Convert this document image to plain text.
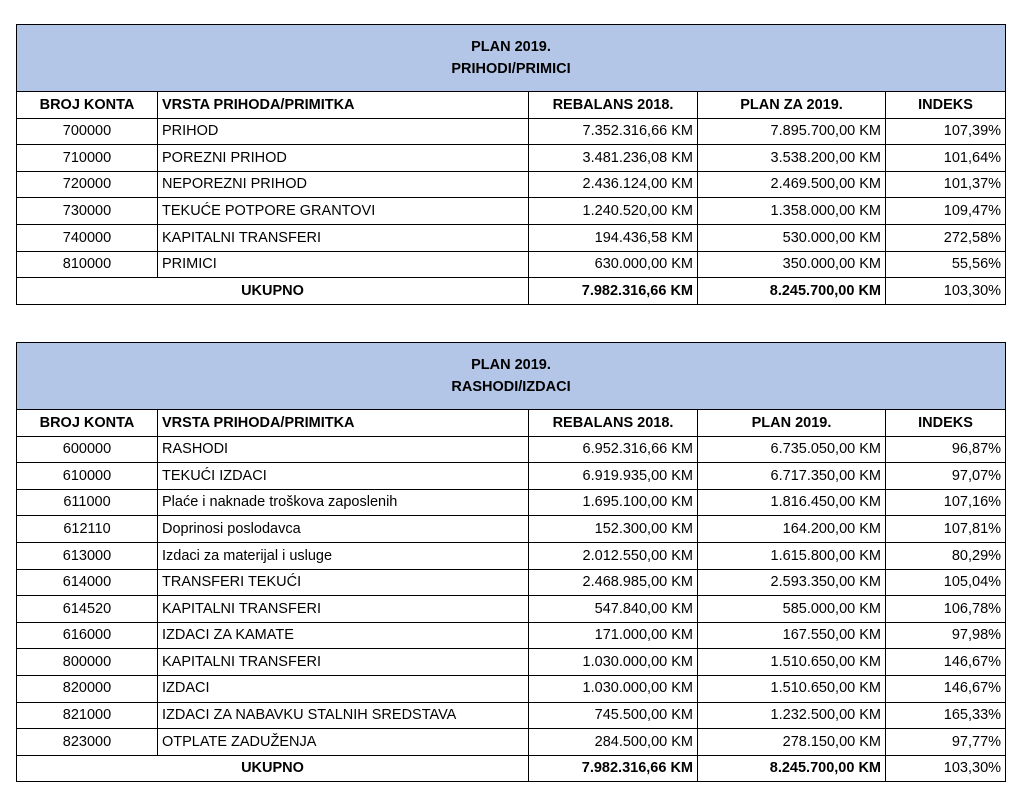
PLAN 2019.
PRIHODI/PRIMICI				

BROJ KONTA	VRSTA PRIHODA/PRIMITKA	REBALANS 2018.	PLAN ZA 2019.	INDEKS
700000	PRIHOD	7.352.316,66 KM	7.895.700,00 KM	107,39%
710000	POREZNI PRIHOD	3.481.236,08 KM	3.538.200,00 KM	101,64%
720000	NEPOREZNI PRIHOD	2.436.124,00 KM	2.469.500,00 KM	101,37%
730000	TEKUĆE POTPORE GRANTOVI	1.240.520,00 KM	1.358.000,00 KM	109,47%
740000	KAPITALNI TRANSFERI	194.436,58 KM	530.000,00 KM	272,58%
810000	PRIMICI	630.000,00 KM	350.000,00 KM	55,56%
UKUPNO		7.982.316,66 KM	8.245.700,00 KM	103,30%
PLAN 2019.
RASHODI/IZDACI				

BROJ KONTA	VRSTA PRIHODA/PRIMITKA	REBALANS 2018.	PLAN 2019.	INDEKS
600000	RASHODI	6.952.316,66 KM	6.735.050,00 KM	96,87%
610000	TEKUĆI IZDACI	6.919.935,00 KM	6.717.350,00 KM	97,07%
611000	Plaće i naknade troškova zaposlenih	1.695.100,00 KM	1.816.450,00 KM	107,16%
612110	Doprinosi poslodavca	152.300,00 KM	164.200,00 KM	107,81%
613000	Izdaci za materijal i usluge	2.012.550,00 KM	1.615.800,00 KM	80,29%
614000	TRANSFERI TEKUĆI	2.468.985,00 KM	2.593.350,00 KM	105,04%
614520	KAPITALNI TRANSFERI	547.840,00 KM	585.000,00 KM	106,78%
616000	IZDACI ZA KAMATE	171.000,00 KM	167.550,00 KM	97,98%
800000	KAPITALNI TRANSFERI	1.030.000,00 KM	1.510.650,00 KM	146,67%
820000	IZDACI	1.030.000,00 KM	1.510.650,00 KM	146,67%
821000	IZDACI ZA NABAVKU STALNIH SREDSTAVA	745.500,00 KM	1.232.500,00 KM	165,33%
823000	OTPLATE ZADUŽENJA	284.500,00 KM	278.150,00 KM	97,77%
UKUPNO		7.982.316,66 KM	8.245.700,00 KM	103,30%
